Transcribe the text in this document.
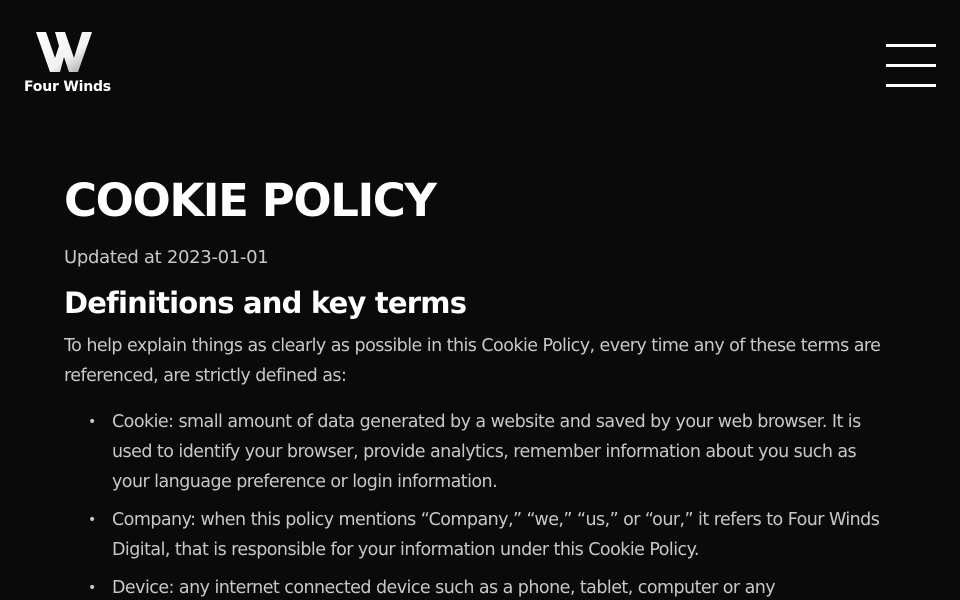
Four Winds
COOKIE POLICY

Updated at 2023-01-01

Definitions and key terms

To help explain things as clearly as possible in this Cookie Policy, every time any of these terms are referenced, are strictly defined as:

• Cookie: small amount of data generated by a website and saved by your web browser. It is used to identify your browser, provide analytics, remember information about you such as your language preference or login information.
• Company: when this policy mentions “Company,” “we,” “us,” or “our,” it refers to Four Winds Digital, that is responsible for your information under this Cookie Policy.
• Device: any internet connected device such as a phone, tablet, computer or any
